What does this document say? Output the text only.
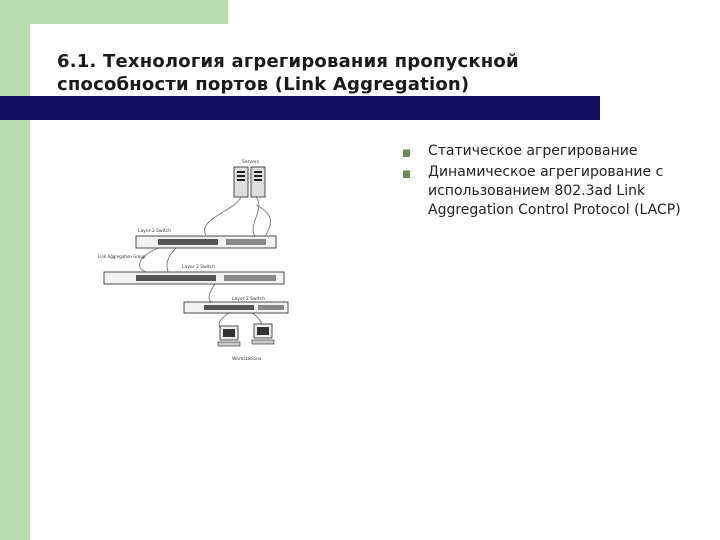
6.1. Технология агрегирования пропускной
способности портов (Link Aggregation)
Servers
Layer-2 Switch
Link Aggregation Group
Layer-3 Switch
Layer-2 Switch
Workstations
Статическое агрегирование
Динамическое агрегирование с использованием 802.3ad Link Aggregation Control Protocol (LACP)
